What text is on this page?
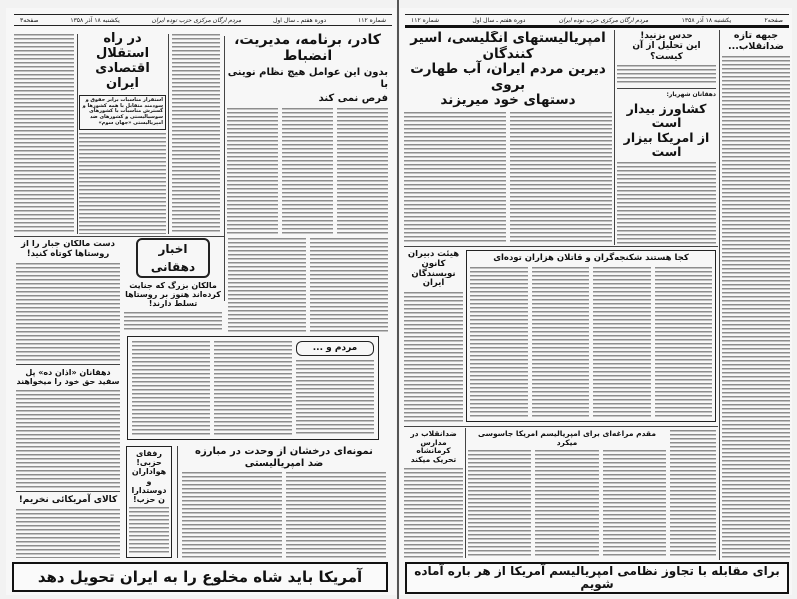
شماره ۱۱۲
دوره هفتم ـ سال اول
مردم ارگان مرکزی حزب توده ایران
یکشنبه ۱۸ آذر ۱۳۵۸
صفحه۳	شماره ۱۱۲	دوره هفتم ـ سال اول	مردم ارگان مرکزی حزب توده ایران	یکشنبه ۱۸ آذر ۱۳۵۸	صفحه۲
کادر، برنامه، مدیریت، انضباط
بدون این عوامل هیچ نظام نوینی با
فرص نمی کند
در راه استقلال
اقتصادی ایران
استقرار مناسبات برابر حقوق و سودمند متقابل با همه کشورها و گسترش مناسبات با کشورهای سوسیالیستی و کشورهای ضد امپریالیستی «جهان سوم»
اخبار دهقانی
مالکان بزرگ که جنایت کرده‌اند هنوز بر روستاها تسلط دارند!
دست مالکان جبار را از روستاها کوتاه کنید!
دهقانان «اذان ده» پل سفید حق خود را میخواهند
کالای آمریکائی نخریم!
مردم و ...
رفقای حزبی! هواداران و دوستداران حزب!
نمونه‌ای درخشان از وحدت در مبارزه
ضد امپریالیستی
آمریکا باید شاه مخلوع را به ایران تحویل دهد
امپریالیستهای انگلیسی، اسیر کنندگان
دیرین مردم ایران، آب طهارت بروی
دستهای خود میریزند
حدس بزنید!
این تحلیل از آن کیست؟
دهقانان شهریار:
کشاورز بیدار است
از امریکا بیزار است
جبهه تازه
ضدانقلاب...
کجا هستند شکنجه‌گران و قاتلان هزاران توده‌ای
هیئت دبیران کانون نویسندگان ایران
ضدانقلاب در مدارس کرمانشاه تحریک میکند
مقدم مراغه‌ای برای امپریالیسم امریکا جاسوسی میکرد
برای مقابله با تجاوز نظامی امپریالیسم آمریکا از هر باره آماده شویم
